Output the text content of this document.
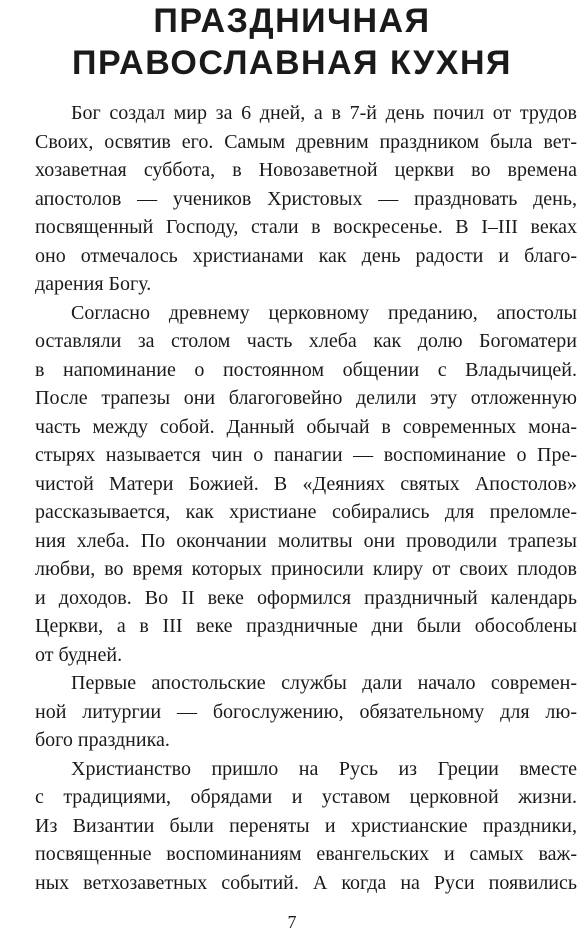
ПРАЗДНИЧНАЯ
ПРАВОСЛАВНАЯ КУХНЯ
Бог создал мир за 6 дней, а в 7-й день почил от трудов
Своих, освятив его. Самым древним праздником была вет-
хозаветная суббота, в Новозаветной церкви во времена
апостолов — учеников Христовых — праздновать день,
посвященный Господу, стали в воскресенье. В I–III веках
оно отмечалось христианами как день радости и благо-
дарения Богу.
Согласно древнему церковному преданию, апостолы
оставляли за столом часть хлеба как долю Богоматери
в напоминание о постоянном общении с Владычицей.
После трапезы они благоговейно делили эту отложенную
часть между собой. Данный обычай в современных мона-
стырях называется чин о панагии — воспоминание о Пре-
чистой Матери Божией. В «Деяниях святых Апостолов»
рассказывается, как христиане собирались для преломле-
ния хлеба. По окончании молитвы они проводили трапезы
любви, во время которых приносили клиру от своих плодов
и доходов. Во II веке оформился праздничный календарь
Церкви, а в III веке праздничные дни были обособлены
от будней.
Первые апостольские службы дали начало современ-
ной литургии — богослужению, обязательному для лю-
бого праздника.
Христианство пришло на Русь из Греции вместе
с традициями, обрядами и уставом церковной жизни.
Из Византии были переняты и христианские праздники,
посвященные воспоминаниям евангельских и самых важ-
ных ветхозаветных событий. А когда на Руси появились
7
